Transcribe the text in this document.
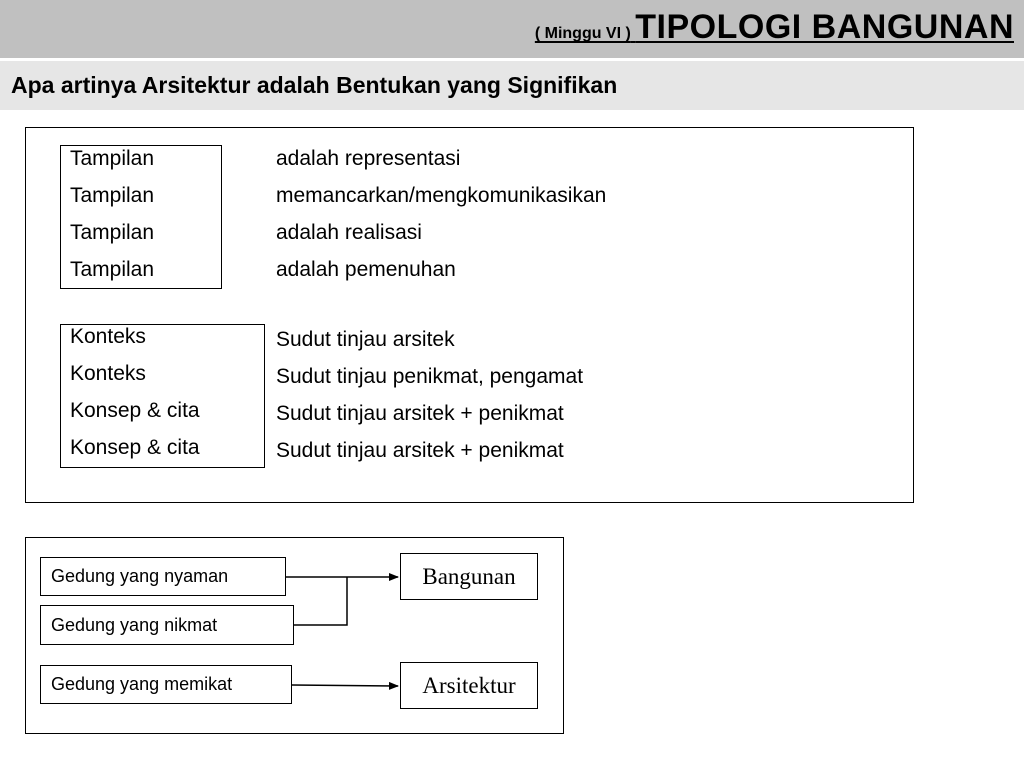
( Minggu VI ) TIPOLOGI BANGUNAN
Apa artinya Arsitektur adalah Bentukan yang Signifikan
Tampilan
Tampilan
Tampilan
Tampilan
adalah representasi
memancarkan/mengkomunikasikan
adalah realisasi
adalah pemenuhan
Konteks
Konteks
Konsep & cita
Konsep & cita
Sudut tinjau arsitek
Sudut tinjau penikmat, pengamat
Sudut tinjau arsitek + penikmat
Sudut tinjau arsitek + penikmat
Gedung yang nyaman
Gedung yang nikmat
Gedung yang memikat
Bangunan
Arsitektur
